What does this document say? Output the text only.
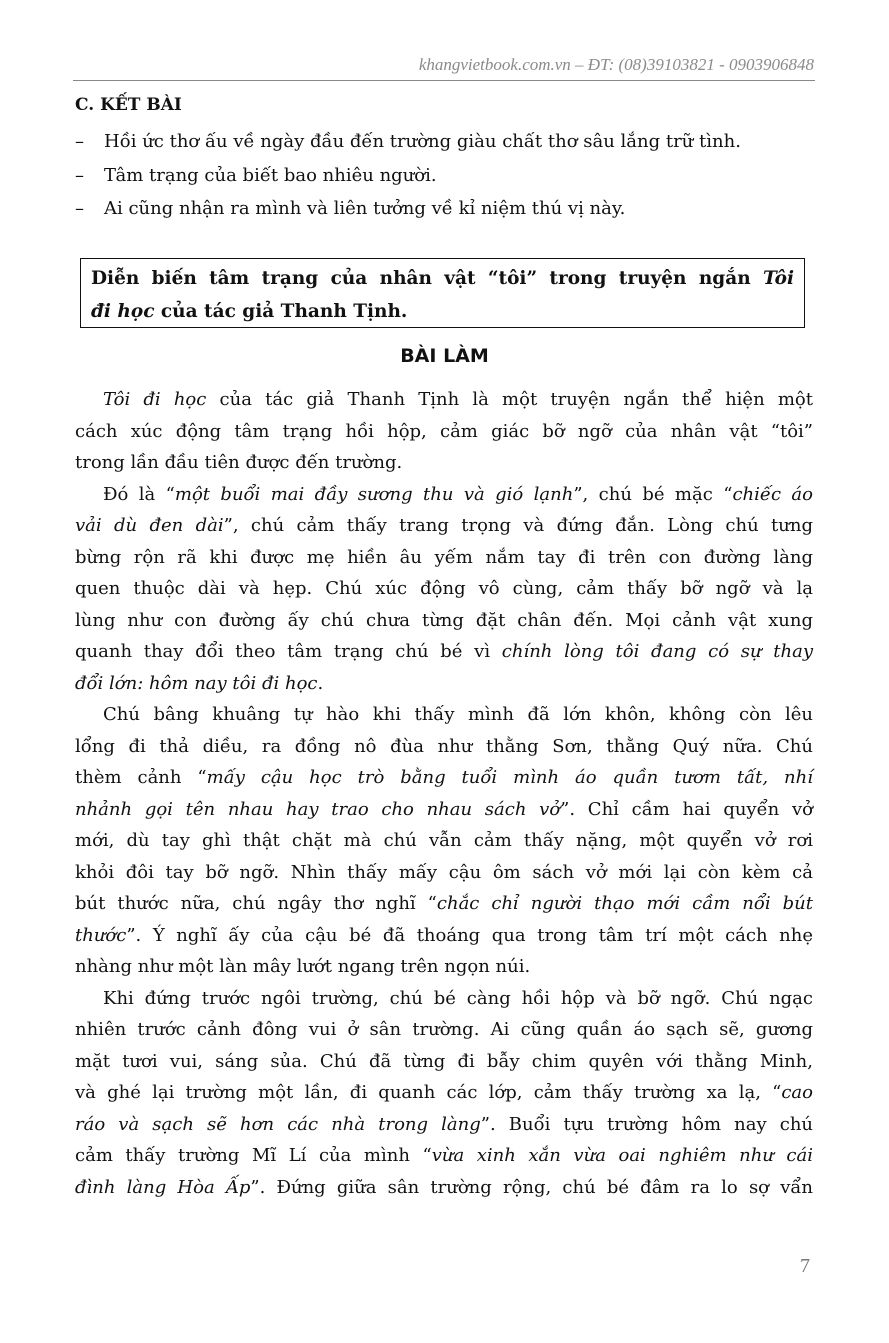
khangvietbook.com.vn – ĐT: (08)39103821 - 0903906848
C. KẾT BÀI
–	Hồi ức thơ ấu về ngày đầu đến trường giàu chất thơ sâu lắng trữ tình.
–	Tâm trạng của biết bao nhiêu người.
–	Ai cũng nhận ra mình và liên tưởng về kỉ niệm thú vị này.
Diễn biến tâm trạng của nhân vật “tôi” trong truyện ngắn Tôi
đi học của tác giả Thanh Tịnh.
BÀI LÀM
Tôi đi học của tác giả Thanh Tịnh là một truyện ngắn thể hiện một
cách xúc động tâm trạng hồi hộp, cảm giác bỡ ngỡ của nhân vật “tôi”
trong lần đầu tiên được đến trường.
Đó là “một buổi mai đầy sương thu và gió lạnh”, chú bé mặc “chiếc áo
vải dù đen dài”, chú cảm thấy trang trọng và đứng đắn. Lòng chú tưng
bừng rộn rã khi được mẹ hiền âu yếm nắm tay đi trên con đường làng
quen thuộc dài và hẹp. Chú xúc động vô cùng, cảm thấy bỡ ngỡ và lạ
lùng như con đường ấy chú chưa từng đặt chân đến. Mọi cảnh vật xung
quanh thay đổi theo tâm trạng chú bé vì chính lòng tôi đang có sự thay
đổi lớn: hôm nay tôi đi học.
Chú bâng khuâng tự hào khi thấy mình đã lớn khôn, không còn lêu
lổng đi thả diều, ra đồng nô đùa như thằng Sơn, thằng Quý nữa. Chú
thèm cảnh “mấy cậu học trò bằng tuổi mình áo quần tươm tất, nhí
nhảnh gọi tên nhau hay trao cho nhau sách vở”. Chỉ cầm hai quyển vở
mới, dù tay ghì thật chặt mà chú vẫn cảm thấy nặng, một quyển vở rơi
khỏi đôi tay bỡ ngỡ. Nhìn thấy mấy cậu ôm sách vở mới lại còn kèm cả
bút thước nữa, chú ngây thơ nghĩ “chắc chỉ người thạo mới cầm nổi bút
thước”. Ý nghĩ ấy của cậu bé đã thoáng qua trong tâm trí một cách nhẹ
nhàng như một làn mây lướt ngang trên ngọn núi.
Khi đứng trước ngôi trường, chú bé càng hồi hộp và bỡ ngỡ. Chú ngạc
nhiên trước cảnh đông vui ở sân trường. Ai cũng quần áo sạch sẽ, gương
mặt tươi vui, sáng sủa. Chú đã từng đi bẫy chim quyên với thằng Minh,
và ghé lại trường một lần, đi quanh các lớp, cảm thấy trường xa lạ, “cao
ráo và sạch sẽ hơn các nhà trong làng”. Buổi tựu trường hôm nay chú
cảm thấy trường Mĩ Lí của mình “vừa xinh xắn vừa oai nghiêm như cái
đình làng Hòa Ấp”. Đứng giữa sân trường rộng, chú bé đâm ra lo sợ vẩn
7
